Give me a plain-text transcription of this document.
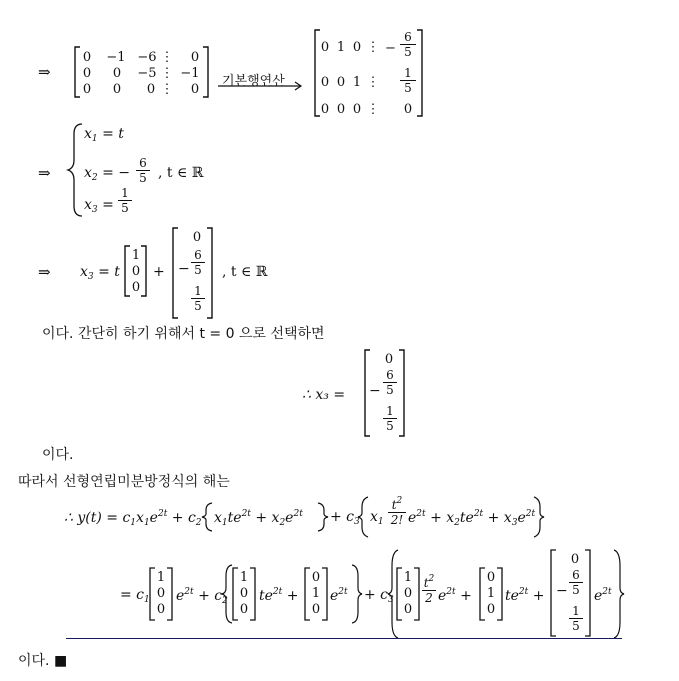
⇒
0 −1 −6 ⋮ 0
0 0 −5 ⋮ −1
0 0 0 ⋮ 0
기본행연산
0 1 0 ⋮ − $\frac{6}{5}$
0 0 1 ⋮ $\frac{1}{5}$
0 0 0 ⋮ 0
⇒
$x_1 = t$
$x_2$ = − $\frac{6}{5}$ , t ∈ ℝ
$x_3 = \frac{1}{5}$
⇒ $x_3 = t$
1
0
0
+
0
− $\frac{6}{5}$
$\frac{1}{5}$
, t ∈ ℝ
이다. 간단히 하기 위해서 t = 0 으로 선택하면
∴ x₃ =
0
− $\frac{6}{5}$
$\frac{1}{5}$
이다.
따라서 선형연립미분방정식의 해는
∴ $y(t) = c_1x_1e^{2t} + c_2$ $x_1te^{2t} + x_2e^{2t} + c_3$ $x_1 \frac{t^2}{2!} e^{2t} + x_2te^{2t} + x_3e^{2t}$
= $c_1$
1
0
0
$e^{2t} + c_2$
1
0
0
$te^{2t}$ +
0
1
0
$e^{2t} + c_3$
1
0
0
$\frac{t^2}{2} e^{2t}$ +
0
1
0
$te^{2t}$ +
0
− $\frac{6}{5}$
$\frac{1}{5}$
$e^{2t}$
이다. ■
